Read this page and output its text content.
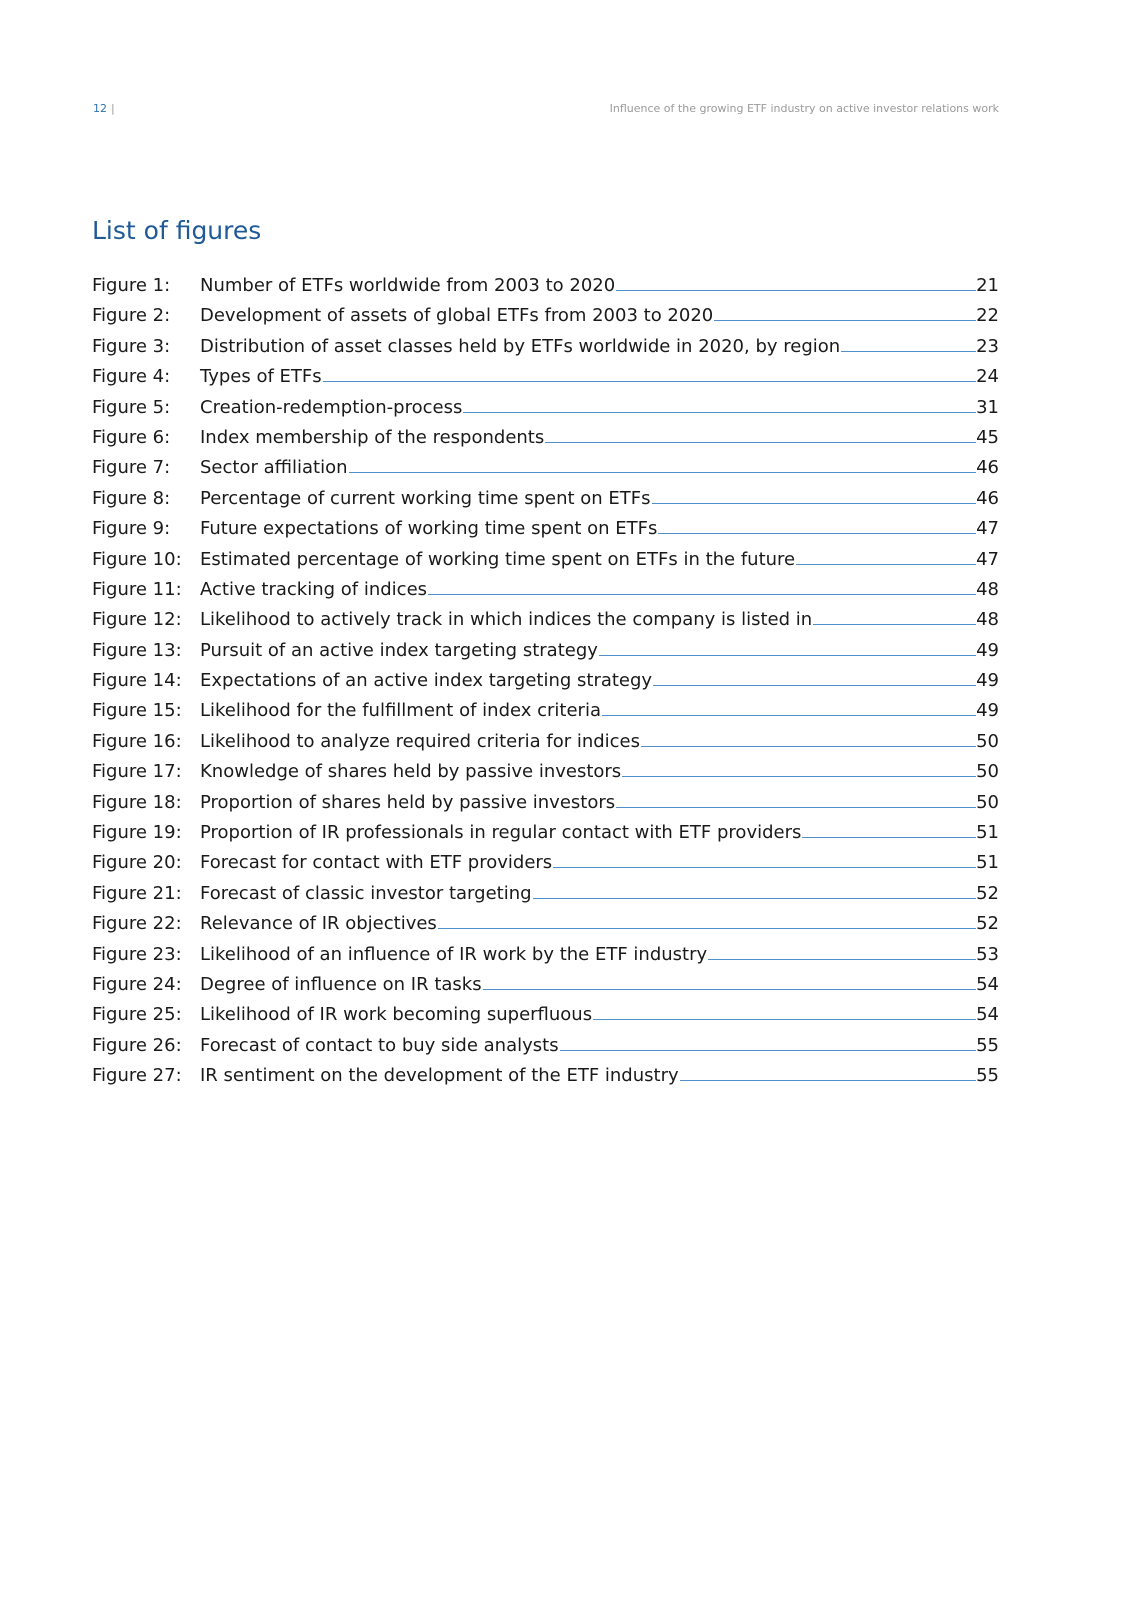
12 |	Influence of the growing ETF industry on active investor relations work
List of figures
Figure 1:	Number of ETFs worldwide from 2003 to 2020	21
Figure 2:	Development of assets of global ETFs from 2003 to 2020	22
Figure 3:	Distribution of asset classes held by ETFs worldwide in 2020, by region	23
Figure 4:	Types of ETFs	24
Figure 5:	Creation-redemption-process	31
Figure 6:	Index membership of the respondents	45
Figure 7:	Sector affiliation	46
Figure 8:	Percentage of current working time spent on ETFs	46
Figure 9:	Future expectations of working time spent on ETFs	47
Figure 10:	Estimated percentage of working time spent on ETFs in the future	47
Figure 11:	Active tracking of indices	48
Figure 12:	Likelihood to actively track in which indices the company is listed in	48
Figure 13:	Pursuit of an active index targeting strategy	49
Figure 14:	Expectations of an active index targeting strategy	49
Figure 15:	Likelihood for the fulfillment of index criteria	49
Figure 16:	Likelihood to analyze required criteria for indices	50
Figure 17:	Knowledge of shares held by passive investors	50
Figure 18:	Proportion of shares held by passive investors	50
Figure 19:	Proportion of IR professionals in regular contact with ETF providers	51
Figure 20:	Forecast for contact with ETF providers	51
Figure 21:	Forecast of classic investor targeting	52
Figure 22:	Relevance of IR objectives	52
Figure 23:	Likelihood of an influence of IR work by the ETF industry	53
Figure 24:	Degree of influence on IR tasks	54
Figure 25:	Likelihood of IR work becoming superfluous	54
Figure 26:	Forecast of contact to buy side analysts	55
Figure 27:	IR sentiment on the development of the ETF industry	55
